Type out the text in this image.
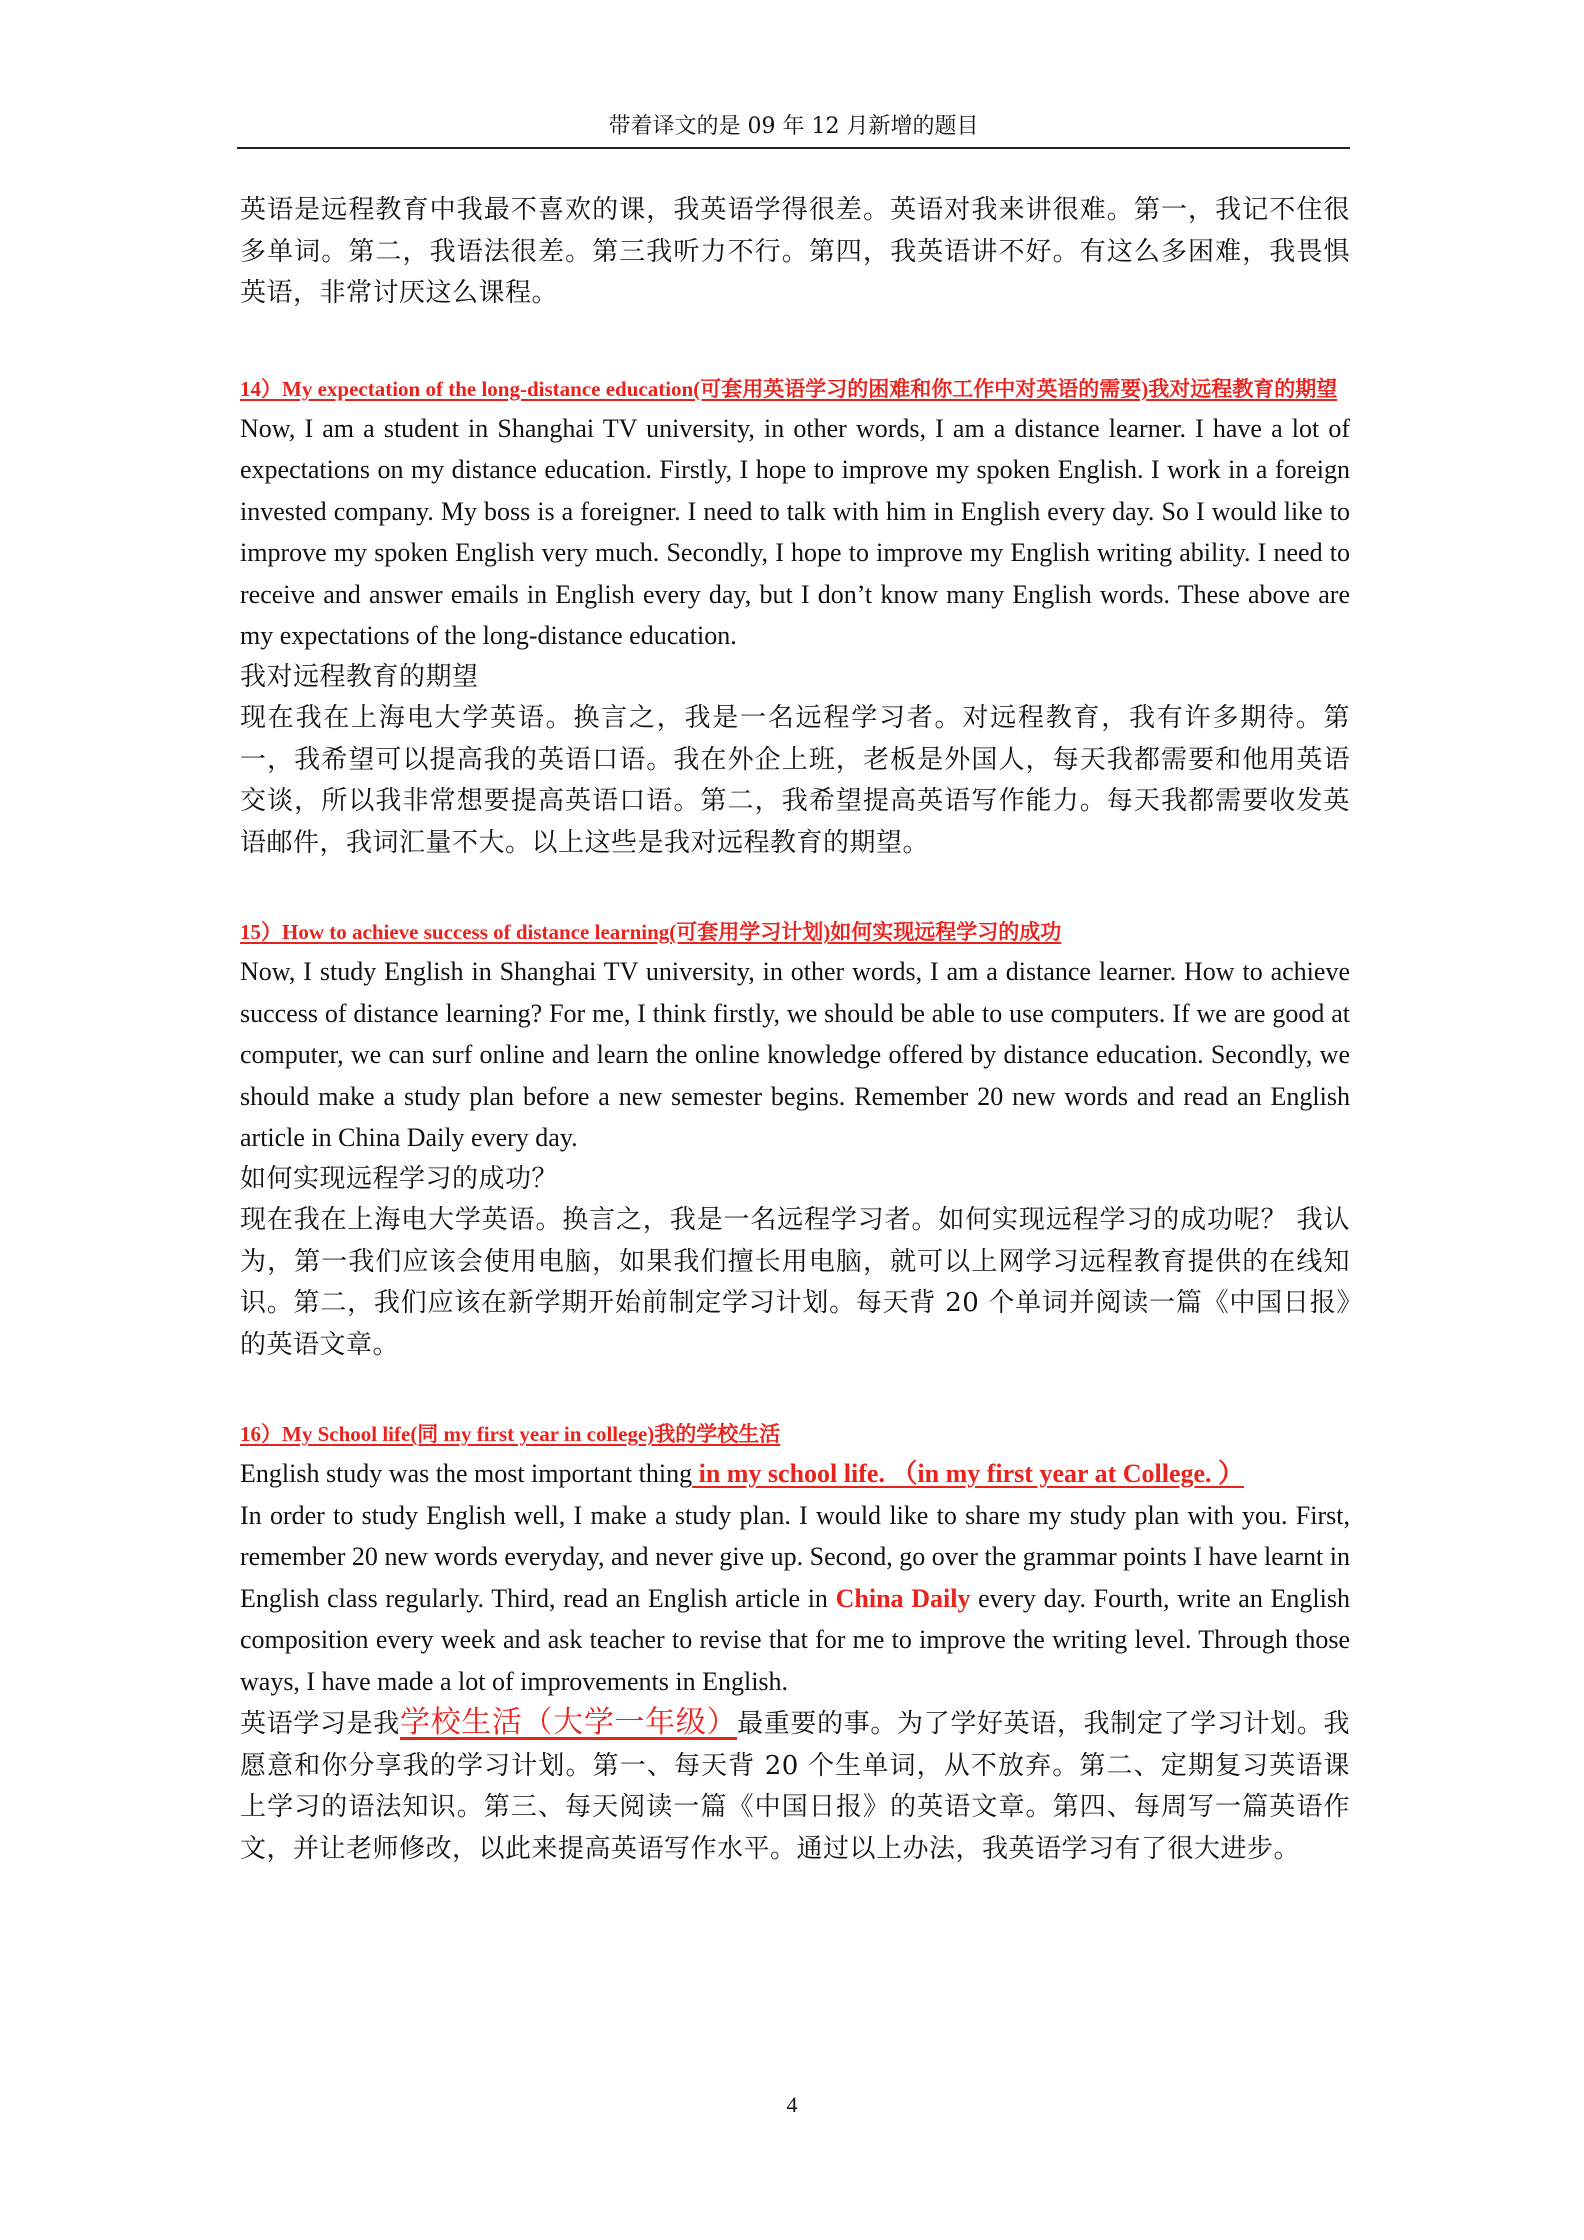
带着译文的是 09 年 12 月新增的题目

英语是远程教育中我最不喜欢的课，我英语学得很差。英语对我来讲很难。第一，我记不住很多单词。第二，我语法很差。第三我听力不行。第四，我英语讲不好。有这么多困难，我畏惧英语，非常讨厌这么课程。

14）My expectation of the long-distance education(可套用英语学习的困难和你工作中对英语的需要)我对远程教育的期望

Now, I am a student in Shanghai TV university, in other words, I am a distance learner. I have a lot of expectations on my distance education. Firstly, I hope to improve my spoken English. I work in a foreign invested company. My boss is a foreigner. I need to talk with him in English every day. So I would like to improve my spoken English very much. Secondly, I hope to improve my English writing ability. I need to receive and answer emails in English every day, but I don’t know many English words. These above are my expectations of the long-distance education.

我对远程教育的期望

现在我在上海电大学英语。换言之，我是一名远程学习者。对远程教育，我有许多期待。第一，我希望可以提高我的英语口语。我在外企上班，老板是外国人，每天我都需要和他用英语交谈，所以我非常想要提高英语口语。第二，我希望提高英语写作能力。每天我都需要收发英语邮件，我词汇量不大。以上这些是我对远程教育的期望。

15）How to achieve success of distance learning(可套用学习计划)如何实现远程学习的成功

Now, I study English in Shanghai TV university, in other words, I am a distance learner. How to achieve success of distance learning? For me, I think firstly, we should be able to use computers. If we are good at computer, we can surf online and learn the online knowledge offered by distance education. Secondly, we should make a study plan before a new semester begins. Remember 20 new words and read an English article in China Daily every day.

如何实现远程学习的成功？

现在我在上海电大学英语。换言之，我是一名远程学习者。如何实现远程学习的成功呢？ 我认为，第一我们应该会使用电脑，如果我们擅长用电脑，就可以上网学习远程教育提供的在线知识。第二，我们应该在新学期开始前制定学习计划。每天背 20 个单词并阅读一篇《中国日报》的英语文章。

16）My School life(同 my first year in college)我的学校生活

English study was the most important thing in my school life. （in my first year at College. ）

In order to study English well, I make a study plan. I would like to share my study plan with you. First, remember 20 new words everyday, and never give up. Second, go over the grammar points I have learnt in English class regularly. Third, read an English article in China Daily every day. Fourth, write an English composition every week and ask teacher to revise that for me to improve the writing level. Through those ways, I have made a lot of improvements in English.

英语学习是我学校生活（大学一年级）最重要的事。为了学好英语，我制定了学习计划。我愿意和你分享我的学习计划。第一、每天背 20 个生单词，从不放弃。第二、定期复习英语课上学习的语法知识。第三、每天阅读一篇《中国日报》的英语文章。第四、每周写一篇英语作文，并让老师修改，以此来提高英语写作水平。通过以上办法，我英语学习有了很大进步。

4
